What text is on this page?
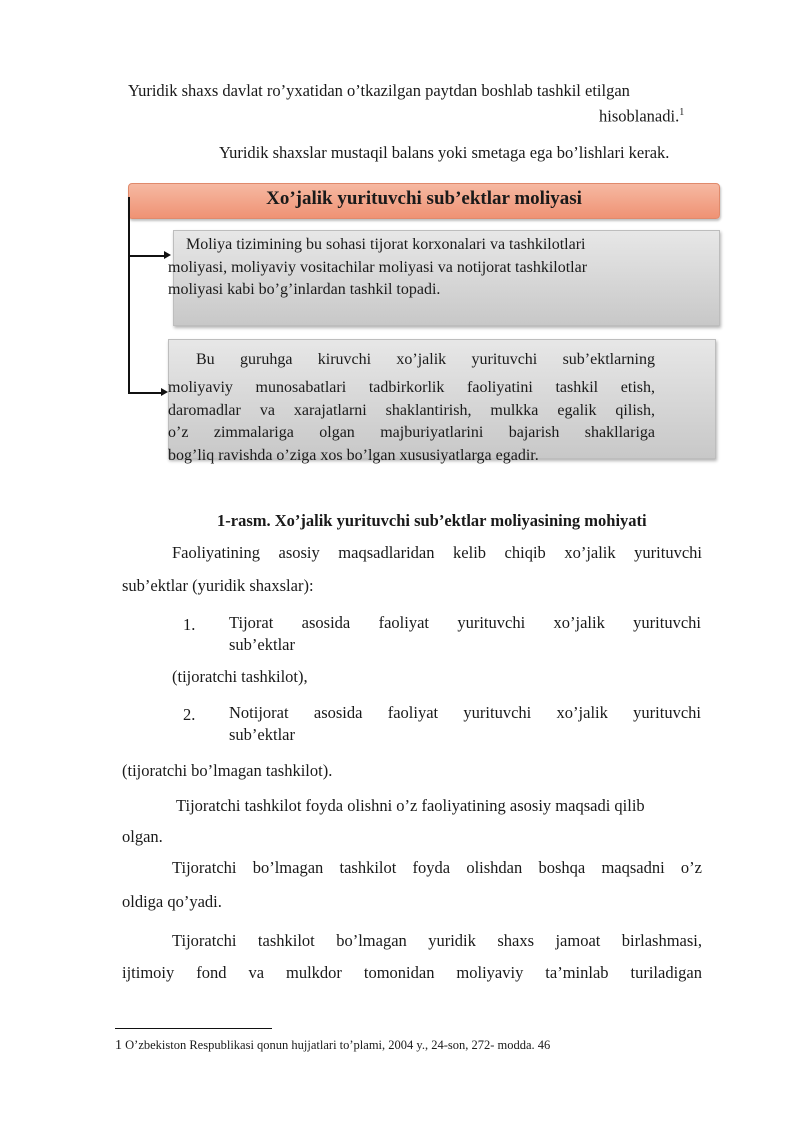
Yuridik shaxs davlat ro’yxatidan o’tkazilgan paytdan boshlab tashkil etilgan
hisoblanadi.$^1$
Yuridik shaxslar mustaqil balans yoki smetaga ega bo’lishlari kerak.
Xo’jalik yurituvchi sub’ektlar moliyasi
Moliya tizimining bu sohasi tijorat korxonalari va tashkilotlari
moliyasi, moliyaviy vositachilar moliyasi va notijorat tashkilotlar
moliyasi kabi bo’g’inlardan tashkil topadi.
Bu guruhga kiruvchi xo’jalik yurituvchi sub’ektlarning
moliyaviy munosabatlari tadbirkorlik faoliyatini tashkil etish,
daromadlar va xarajatlarni shaklantirish, mulkka egalik qilish,
o’z zimmalariga olgan majburiyatlarini bajarish shakllariga
bog’liq ravishda o’ziga xos bo’lgan xususiyatlarga egadir.
1-rasm. Xo’jalik yurituvchi sub’ektlar moliyasining mohiyati
Faoliyatining asosiy maqsadlaridan kelib chiqib xo’jalik yurituvchi
sub’ektlar (yuridik shaxslar):
1. Tijorat asosida faoliyat yurituvchi xo’jalik yurituvchi
sub’ektlar
(tijoratchi tashkilot),
2. Notijorat asosida faoliyat yurituvchi xo’jalik yurituvchi
sub’ektlar
(tijoratchi bo’lmagan tashkilot).
Tijoratchi tashkilot foyda olishni o’z faoliyatining asosiy maqsadi qilib
olgan.
Tijoratchi bo’lmagan tashkilot foyda olishdan boshqa maqsadni o’z
oldiga qo’yadi.
Tijoratchi tashkilot bo’lmagan yuridik shaxs jamoat birlashmasi,
ijtimoiy fond va mulkdor tomonidan moliyaviy ta’minlab turiladigan
1 O’zbekiston Respublikasi qonun hujjatlari to’plami, 2004 y., 24-son, 272- modda. 46
